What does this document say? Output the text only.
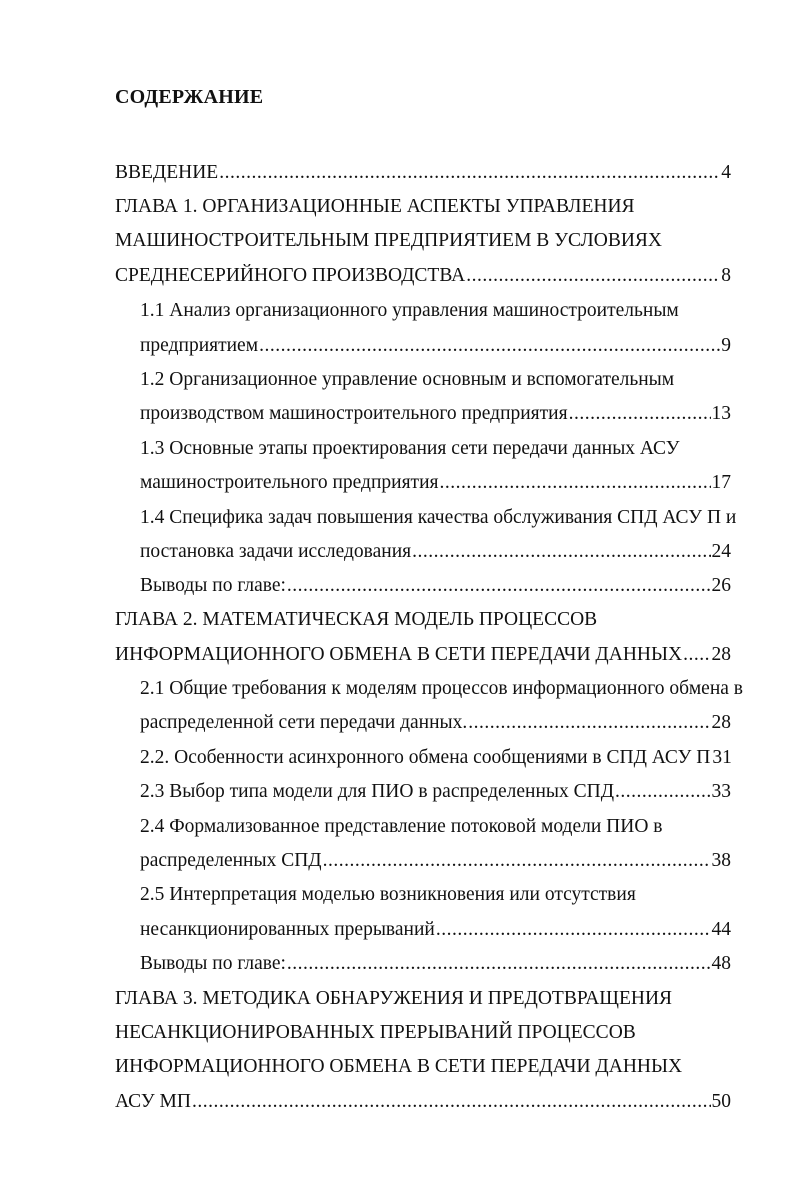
СОДЕРЖАНИЕ
ВВЕДЕНИЕ .....	4
ГЛАВА 1. ОРГАНИЗАЦИОННЫЕ АСПЕКТЫ УПРАВЛЕНИЯ
МАШИНОСТРОИТЕЛЬНЫМ ПРЕДПРИЯТИЕМ В УСЛОВИЯХ
СРЕДНЕСЕРИЙНОГО ПРОИЗВОДСТВА .....	8
1.1 Анализ организационного управления машиностроительным
предприятием .....	9
1.2 Организационное управление основным и вспомогательным
производством машиностроительного предприятия .....	13
1.3 Основные этапы проектирования сети передачи данных АСУ
машиностроительного предприятия .....	17
1.4 Специфика задач повышения качества обслуживания СПД АСУ П и
постановка задачи исследования .....	24
Выводы по главе: .....	26
ГЛАВА 2. МАТЕМАТИЧЕСКАЯ МОДЕЛЬ ПРОЦЕССОВ
ИНФОРМАЦИОННОГО ОБМЕНА В СЕТИ ПЕРЕДАЧИ ДАННЫХ ..... 28
2.1 Общие требования к моделям процессов информационного обмена в
распределенной сети передачи данных. .....	28
2.2. Особенности асинхронного обмена сообщениями в СПД АСУ П 31
2.3 Выбор типа модели для ПИО в распределенных СПД .....	33
2.4 Формализованное представление потоковой модели ПИО в
распределенных СПД .....	38
2.5 Интерпретация моделью возникновения или отсутствия
несанкционированных прерываний .....	44
Выводы по главе: .....	48
ГЛАВА 3. МЕТОДИКА ОБНАРУЖЕНИЯ И ПРЕДОТВРАЩЕНИЯ
НЕСАНКЦИОНИРОВАННЫХ ПРЕРЫВАНИЙ ПРОЦЕССОВ
ИНФОРМАЦИОННОГО ОБМЕНА В СЕТИ ПЕРЕДАЧИ ДАННЫХ
АСУ МП .....	50
